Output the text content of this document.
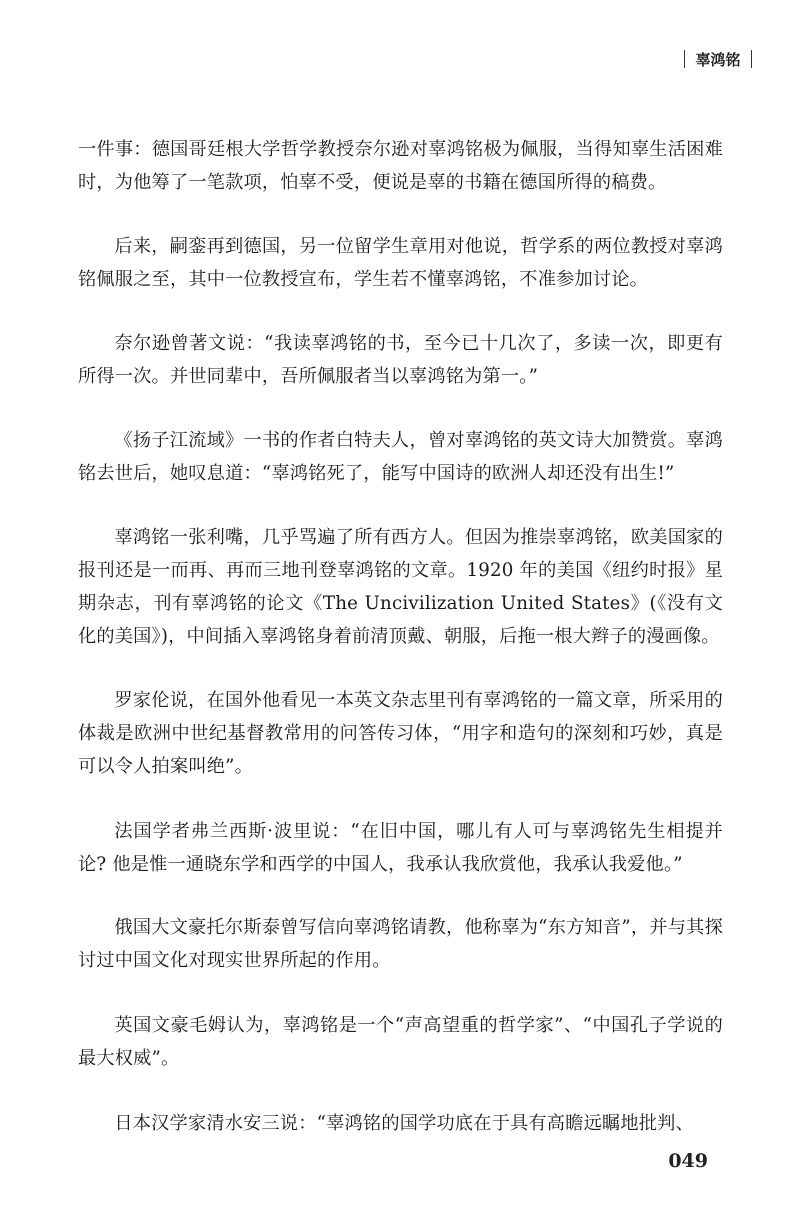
辜鸿铭

一件事：德国哥廷根大学哲学教授奈尔逊对辜鸿铭极为佩服，当得知辜生活困难时，为他筹了一笔款项，怕辜不受，便说是辜的书籍在德国所得的稿费。

后来，嗣銮再到德国，另一位留学生章用对他说，哲学系的两位教授对辜鸿铭佩服之至，其中一位教授宣布，学生若不懂辜鸿铭，不准参加讨论。

奈尔逊曾著文说：“我读辜鸿铭的书，至今已十几次了，多读一次，即更有所得一次。并世同辈中，吾所佩服者当以辜鸿铭为第一。”

《扬子江流域》一书的作者白特夫人，曾对辜鸿铭的英文诗大加赞赏。辜鸿铭去世后，她叹息道：“辜鸿铭死了，能写中国诗的欧洲人却还没有出生!”

辜鸿铭一张利嘴，几乎骂遍了所有西方人。但因为推崇辜鸿铭，欧美国家的报刊还是一而再、再而三地刊登辜鸿铭的文章。1920 年的美国《纽约时报》星期杂志，刊有辜鸿铭的论文《The Uncivilization United States》(《没有文化的美国》)，中间插入辜鸿铭身着前清顶戴、朝服，后拖一根大辫子的漫画像。

罗家伦说，在国外他看见一本英文杂志里刊有辜鸿铭的一篇文章，所采用的体裁是欧洲中世纪基督教常用的问答传习体，“用字和造句的深刻和巧妙，真是可以令人拍案叫绝”。

法国学者弗兰西斯·波里说：“在旧中国，哪儿有人可与辜鸿铭先生相提并论? 他是惟一通晓东学和西学的中国人，我承认我欣赏他，我承认我爱他。”

俄国大文豪托尔斯泰曾写信向辜鸿铭请教，他称辜为“东方知音”，并与其探讨过中国文化对现实世界所起的作用。

英国文豪毛姆认为，辜鸿铭是一个“声高望重的哲学家”、“中国孔子学说的最大权威”。

日本汉学家清水安三说：“辜鸿铭的国学功底在于具有高瞻远瞩地批判、

049
